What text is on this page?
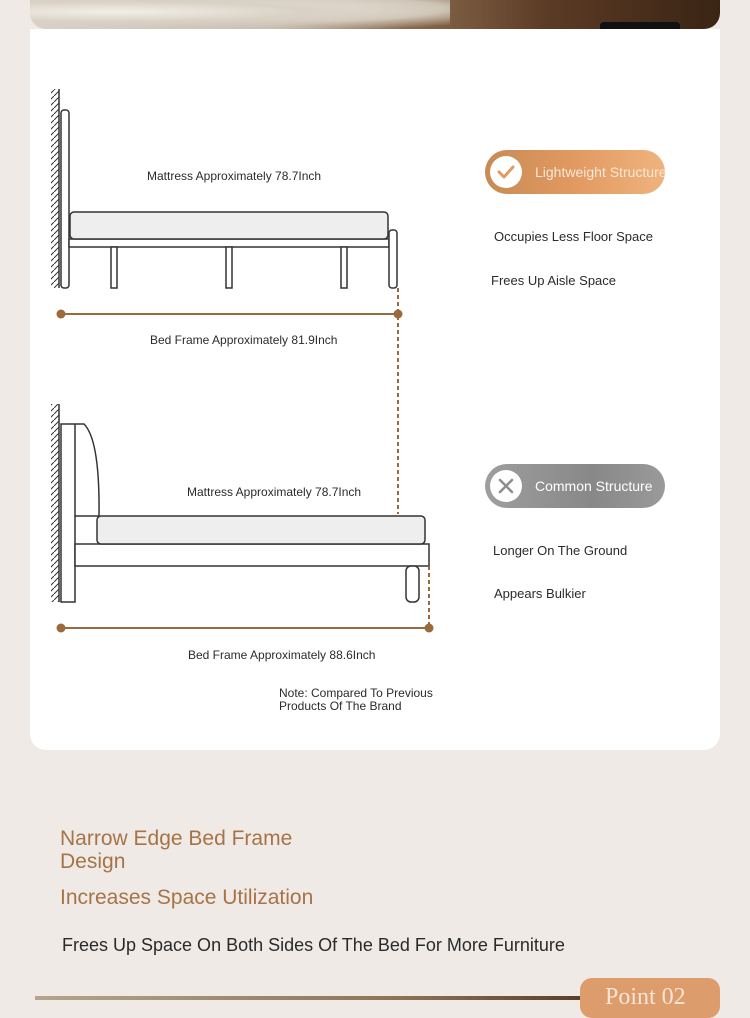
Mattress Approximately 78.7Inch
Bed Frame Approximately 81.9Inch
Mattress Approximately 78.7Inch
Bed Frame Approximately 88.6Inch
Lightweight Structure
Occupies Less Floor Space
Frees Up Aisle Space
Common Structure
Longer On The Ground
Appears Bulkier
Note: Compared To Previous Products Of The Brand
Narrow Edge Bed Frame Design
Increases Space Utilization
Frees Up Space On Both Sides Of The Bed For More Furniture
Point 02
